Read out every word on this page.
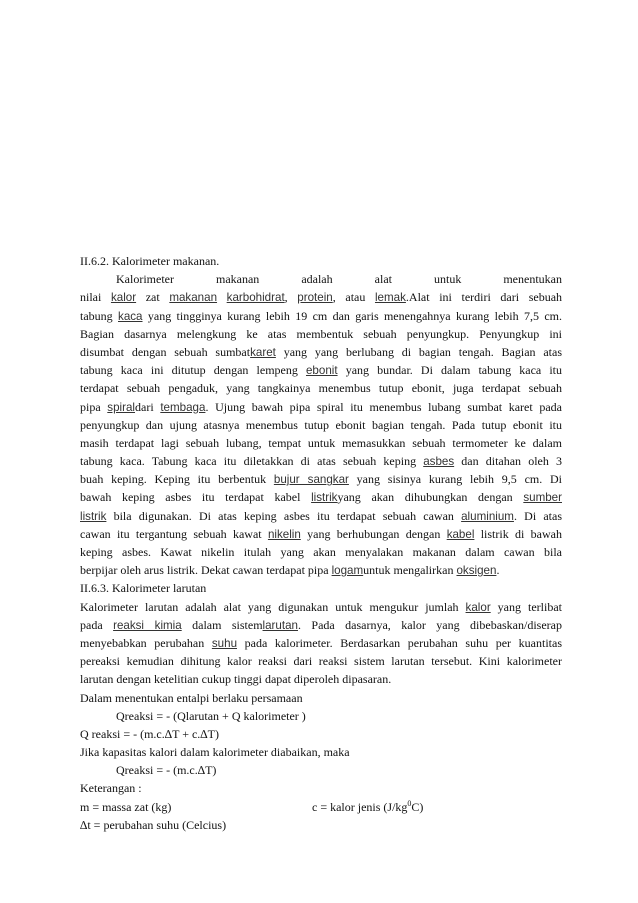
II.6.2. Kalorimeter makanan.
Kalorimeter makanan adalah alat untuk menentukan
nilai kalor zat makanan karbohidrat, protein, atau lemak.Alat ini terdiri dari sebuah
tabung kaca yang tingginya kurang lebih 19 cm dan garis menengahnya kurang lebih 7,5 cm.
Bagian dasarnya melengkung ke atas membentuk sebuah penyungkup. Penyungkup ini
disumbat dengan sebuah sumbatkaret yang yang berlubang di bagian tengah. Bagian atas
tabung kaca ini ditutup dengan lempeng ebonit yang bundar. Di dalam tabung kaca itu
terdapat sebuah pengaduk, yang tangkainya menembus tutup ebonit, juga terdapat sebuah
pipa spiraldari tembaga. Ujung bawah pipa spiral itu menembus lubang sumbat karet pada
penyungkup dan ujung atasnya menembus tutup ebonit bagian tengah. Pada tutup ebonit itu
masih terdapat lagi sebuah lubang, tempat untuk memasukkan sebuah termometer ke dalam
tabung kaca. Tabung kaca itu diletakkan di atas sebuah keping asbes dan ditahan oleh 3
buah keping. Keping itu berbentuk bujur sangkar yang sisinya kurang lebih 9,5 cm. Di
bawah keping asbes itu terdapat kabel listrikyang akan dihubungkan dengan sumber
listrik bila digunakan. Di atas keping asbes itu terdapat sebuah cawan aluminium. Di atas
cawan itu tergantung sebuah kawat nikelin yang berhubungan dengan kabel listrik di bawah
keping asbes. Kawat nikelin itulah yang akan menyalakan makanan dalam cawan bila
berpijar oleh arus listrik. Dekat cawan terdapat pipa logamuntuk mengalirkan oksigen.
II.6.3. Kalorimeter larutan
Kalorimeter larutan adalah alat yang digunakan untuk mengukur jumlah kalor yang terlibat
pada reaksi kimia dalam sistemlarutan. Pada dasarnya, kalor yang dibebaskan/diserap
menyebabkan perubahan suhu pada kalorimeter. Berdasarkan perubahan suhu per kuantitas
pereaksi kemudian dihitung kalor reaksi dari reaksi sistem larutan tersebut. Kini kalorimeter
larutan dengan ketelitian cukup tinggi dapat diperoleh dipasaran.
Dalam menentukan entalpi berlaku persamaan
Qreaksi = - (Qlarutan + Q kalorimeter )
Q reaksi = - (m.c.∆T + c.∆T)
Jika kapasitas kalori dalam kalorimeter diabaikan, maka
Qreaksi = - (m.c.∆T)
Keterangan :
m = massa zat (kg)	c = kalor jenis $(J/kg^0C)$
∆t = perubahan suhu (Celcius)
